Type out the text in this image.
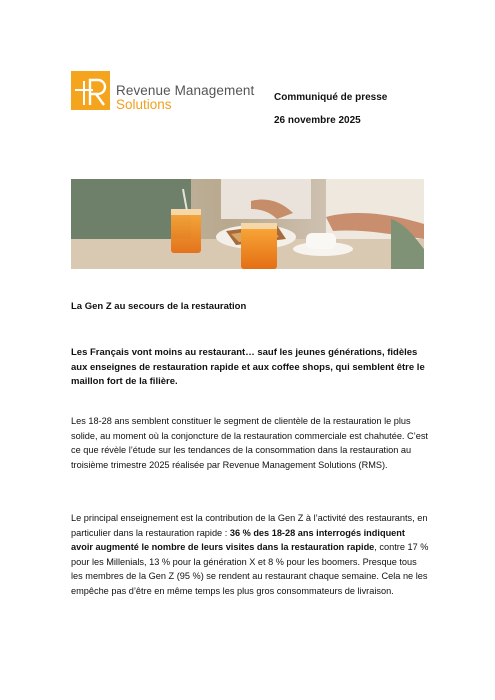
Revenue Management
Solutions	Communiqué de presse
26 novembre 2025
La Gen Z au secours de la restauration
Les Français vont moins au restaurant… sauf les jeunes générations, fidèles aux enseignes de restauration rapide et aux coffee shops, qui semblent être le maillon fort de la filière.
Les 18-28 ans semblent constituer le segment de clientèle de la restauration le plus solide, au moment où la conjoncture de la restauration commerciale est chahutée. C’est ce que révèle l’étude sur les tendances de la consommation dans la restauration au troisième trimestre 2025 réalisée par Revenue Management Solutions (RMS).
Le principal enseignement est la contribution de la Gen Z à l’activité des restaurants, en particulier dans la restauration rapide : 36 % des 18-28 ans interrogés indiquent avoir augmenté le nombre de leurs visites dans la restauration rapide, contre 17 % pour les Millenials, 13 % pour la génération X et 8 % pour les boomers. Presque tous les membres de la Gen Z (95 %) se rendent au restaurant chaque semaine. Cela ne les empêche pas d’être en même temps les plus gros consommateurs de livraison.
